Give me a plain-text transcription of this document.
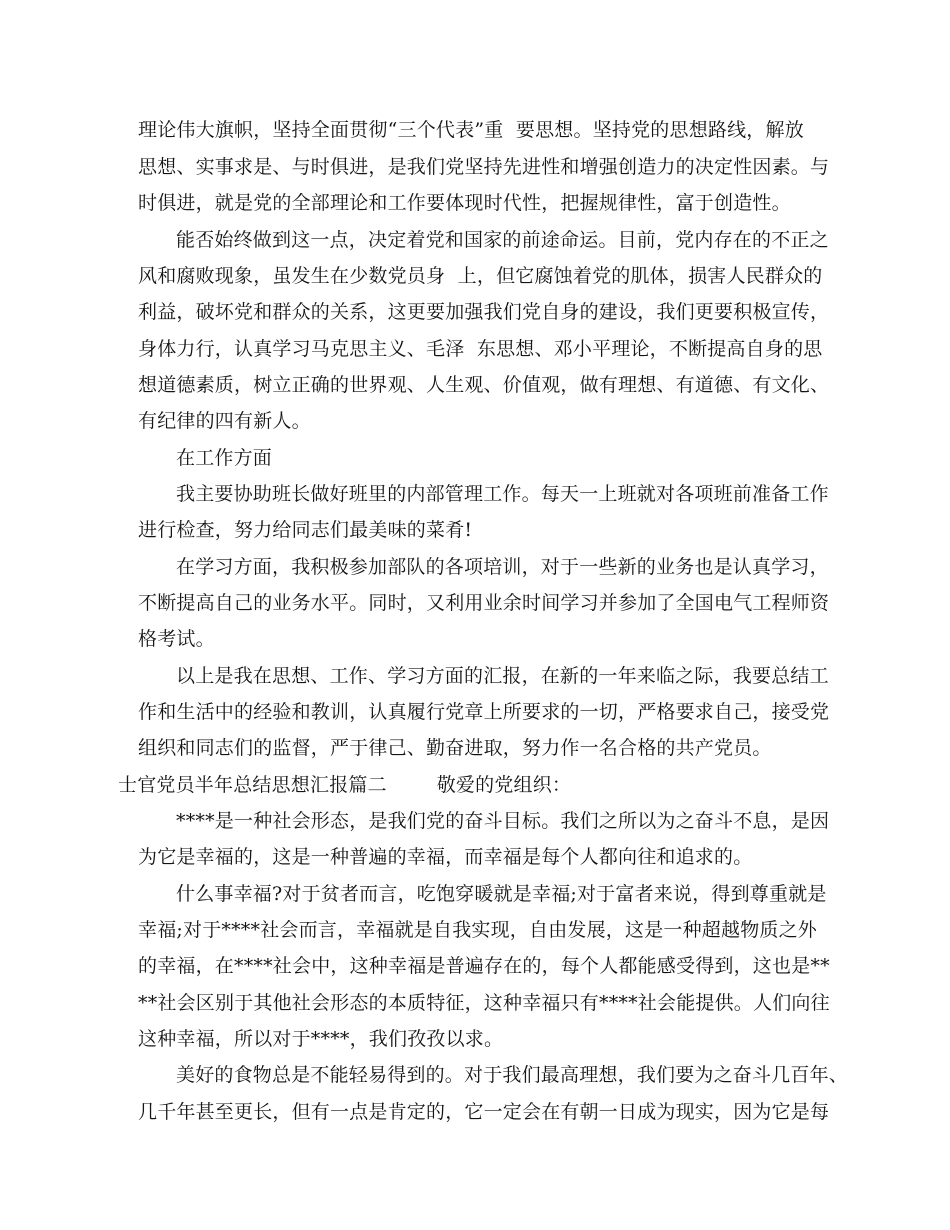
理论伟大旗帜，坚持全面贯彻“三个代表”重  要思想。坚持党的思想路线，解放
思想、实事求是、与时俱进，是我们党坚持先进性和增强创造力的决定性因素。与
时俱进，就是党的全部理论和工作要体现时代性，把握规律性，富于创造性。
能否始终做到这一点，决定着党和国家的前途命运。目前，党内存在的不正之
风和腐败现象，虽发生在少数党员身  上，但它腐蚀着党的肌体，损害人民群众的
利益，破坏党和群众的关系，这更要加强我们党自身的建设，我们更要积极宣传，
身体力行，认真学习马克思主义、毛泽  东思想、邓小平理论，不断提高自身的思
想道德素质，树立正确的世界观、人生观、价值观，做有理想、有道德、有文化、
有纪律的四有新人。
在工作方面
我主要协助班长做好班里的内部管理工作。每天一上班就对各项班前准备工作
进行检查，努力给同志们最美味的菜肴!
在学习方面，我积极参加部队的各项培训，对于一些新的业务也是认真学习，
不断提高自己的业务水平。同时，又利用业余时间学习并参加了全国电气工程师资
格考试。
以上是我在思想、工作、学习方面的汇报，在新的一年来临之际，我要总结工
作和生活中的经验和教训，认真履行党章上所要求的一切，严格要求自己，接受党
组织和同志们的监督，严于律己、勤奋进取，努力作一名合格的共产党员。
士官党员半年总结思想汇报篇二        敬爱的党组织：
****是一种社会形态，是我们党的奋斗目标。我们之所以为之奋斗不息，是因
为它是幸福的，这是一种普遍的幸福，而幸福是每个人都向往和追求的。
什么事幸福?对于贫者而言，吃饱穿暖就是幸福;对于富者来说，得到尊重就是
幸福;对于****社会而言，幸福就是自我实现，自由发展，这是一种超越物质之外
的幸福，在****社会中，这种幸福是普遍存在的，每个人都能感受得到，这也是**
**社会区别于其他社会形态的本质特征，这种幸福只有****社会能提供。人们向往
这种幸福，所以对于****，我们孜孜以求。
美好的食物总是不能轻易得到的。对于我们最高理想，我们要为之奋斗几百年、
几千年甚至更长，但有一点是肯定的，它一定会在有朝一日成为现实，因为它是每
